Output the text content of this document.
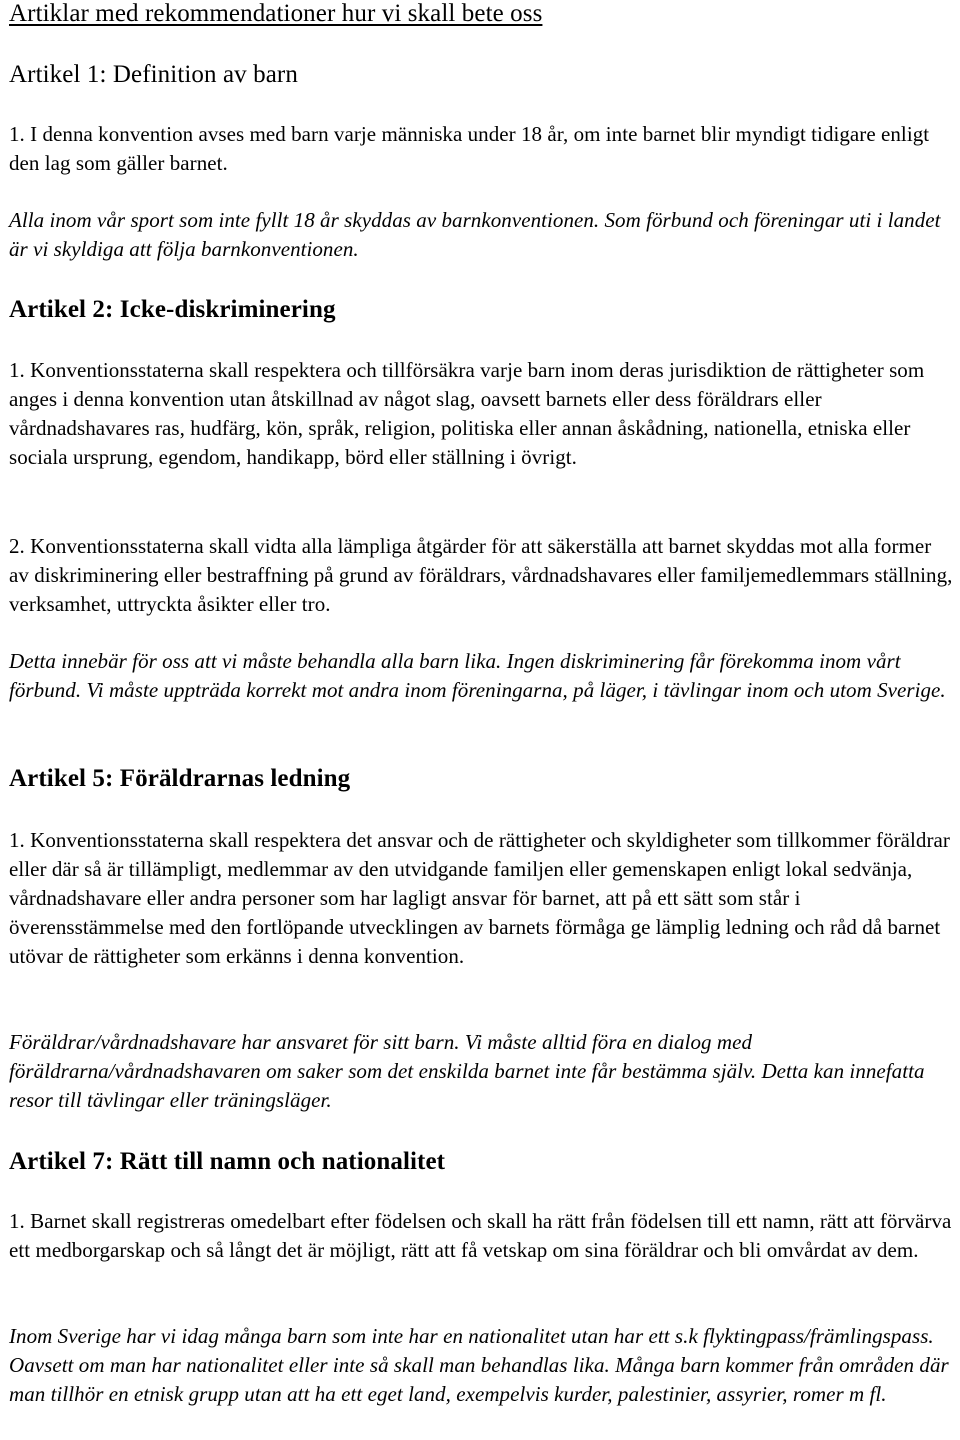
Artiklar med rekommendationer hur vi skall bete oss
Artikel 1: Definition av barn

1. I denna konvention avses med barn varje människa under 18 år, om inte barnet blir myndigt tidigare enligt den lag som gäller barnet.

Alla inom vår sport som inte fyllt 18 år skyddas av barnkonventionen. Som förbund och föreningar uti i landet är vi skyldiga att följa barnkonventionen.

Artikel 2: Icke-diskriminering

1. Konventionsstaterna skall respektera och tillförsäkra varje barn inom deras jurisdiktion de rättigheter som anges i denna konvention utan åtskillnad av något slag, oavsett barnets eller dess föräldrars eller vårdnadshavares ras, hudfärg, kön, språk, religion, politiska eller annan åskådning, nationella, etniska eller sociala ursprung, egendom, handikapp, börd eller ställning i övrigt.

2. Konventionsstaterna skall vidta alla lämpliga åtgärder för att säkerställa att barnet skyddas mot alla former av diskriminering eller bestraffning på grund av föräldrars, vårdnadshavares eller familjemedlemmars ställning, verksamhet, uttryckta åsikter eller tro.

Detta innebär för oss att vi måste behandla alla barn lika. Ingen diskriminering får förekomma inom vårt förbund. Vi måste uppträda korrekt mot andra inom föreningarna, på läger, i tävlingar inom och utom Sverige.

Artikel 5: Föräldrarnas ledning

1. Konventionsstaterna skall respektera det ansvar och de rättigheter och skyldigheter som tillkommer föräldrar eller där så är tillämpligt, medlemmar av den utvidgande familjen eller gemenskapen enligt lokal sedvänja, vårdnadshavare eller andra personer som har lagligt ansvar för barnet, att på ett sätt som står i överensstämmelse med den fortlöpande utvecklingen av barnets förmåga ge lämplig ledning och råd då barnet utövar de rättigheter som erkänns i denna konvention.

Föräldrar/vårdnadshavare har ansvaret för sitt barn. Vi måste alltid föra en dialog med föräldrarna/vårdnadshavaren om saker som det enskilda barnet inte får bestämma själv. Detta kan innefatta resor till tävlingar eller träningsläger.

Artikel 7: Rätt till namn och nationalitet

1. Barnet skall registreras omedelbart efter födelsen och skall ha rätt från födelsen till ett namn, rätt att förvärva ett medborgarskap och så långt det är möjligt, rätt att få vetskap om sina föräldrar och bli omvårdat av dem.

Inom Sverige har vi idag många barn som inte har en nationalitet utan har ett s.k flyktingpass/främlingspass. Oavsett om man har nationalitet eller inte så skall man behandlas lika. Många barn kommer från områden där man tillhör en etnisk grupp utan att ha ett eget land, exempelvis kurder, palestinier, assyrier, romer m fl.
